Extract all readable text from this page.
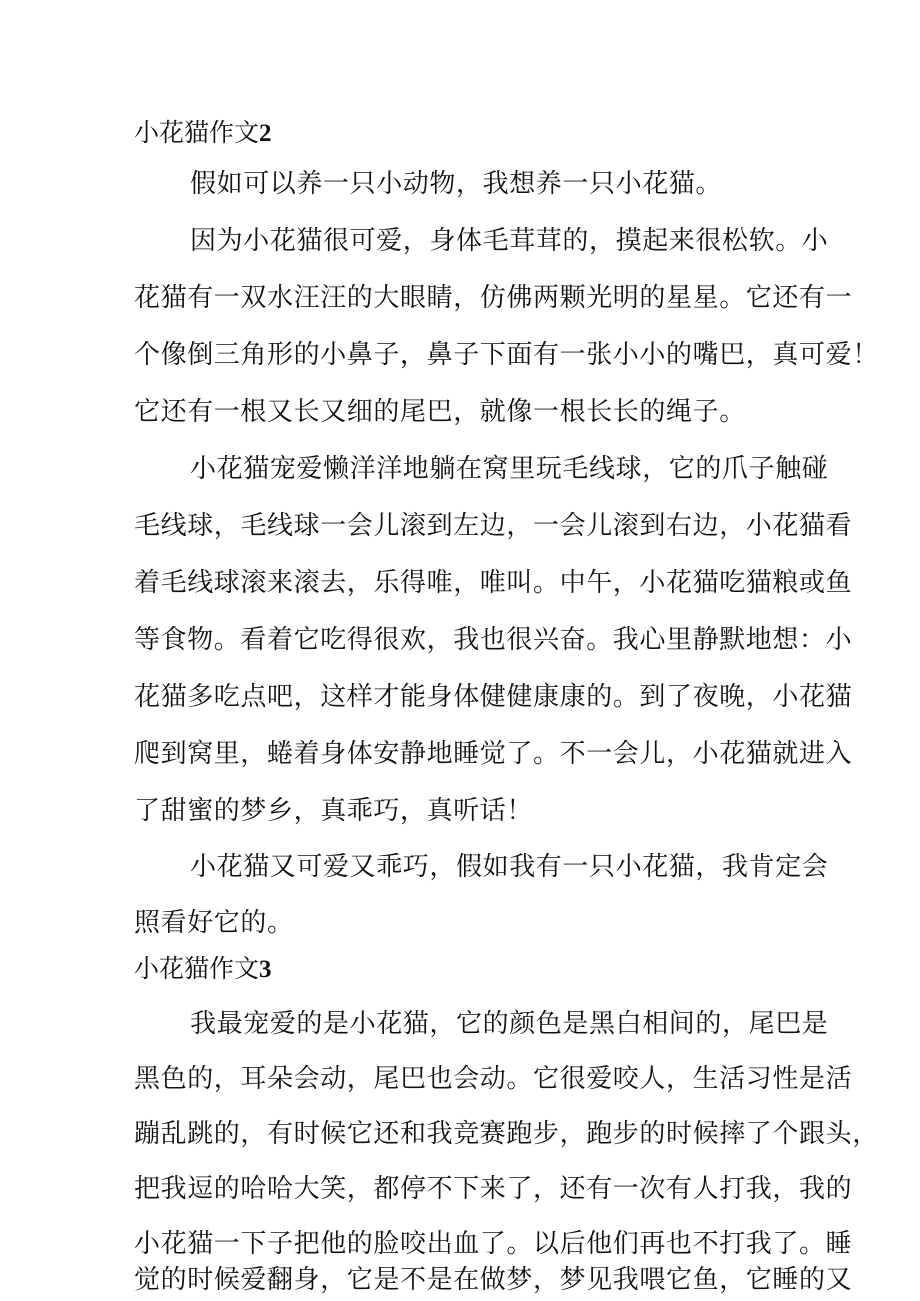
小花猫作文2
假如可以养一只小动物，我想养一只小花猫。
因为小花猫很可爱，身体毛茸茸的，摸起来很松软。小
花猫有一双水汪汪的大眼睛，仿佛两颗光明的星星。它还有一
个像倒三角形的小鼻子，鼻子下面有一张小小的嘴巴，真可爱！
它还有一根又长又细的尾巴，就像一根长长的绳子。
小花猫宠爱懒洋洋地躺在窝里玩毛线球，它的爪子触碰
毛线球，毛线球一会儿滚到左边，一会儿滚到右边，小花猫看
着毛线球滚来滚去，乐得唯，唯叫。中午，小花猫吃猫粮或鱼
等食物。看着它吃得很欢，我也很兴奋。我心里静默地想：小
花猫多吃点吧，这样才能身体健健康康的。到了夜晚，小花猫
爬到窝里，蜷着身体安静地睡觉了。不一会儿，小花猫就进入
了甜蜜的梦乡，真乖巧，真听话！
小花猫又可爱又乖巧，假如我有一只小花猫，我肯定会
照看好它的。
小花猫作文3
我最宠爱的是小花猫，它的颜色是黑白相间的，尾巴是
黑色的，耳朵会动，尾巴也会动。它很爱咬人，生活习性是活
蹦乱跳的，有时候它还和我竞赛跑步，跑步的时候摔了个跟头，
把我逗的哈哈大笑，都停不下来了，还有一次有人打我，我的
小花猫一下子把他的脸咬出血了。以后他们再也不打我了。睡
觉的时候爱翻身，它是不是在做梦，梦见我喂它鱼，它睡的又
